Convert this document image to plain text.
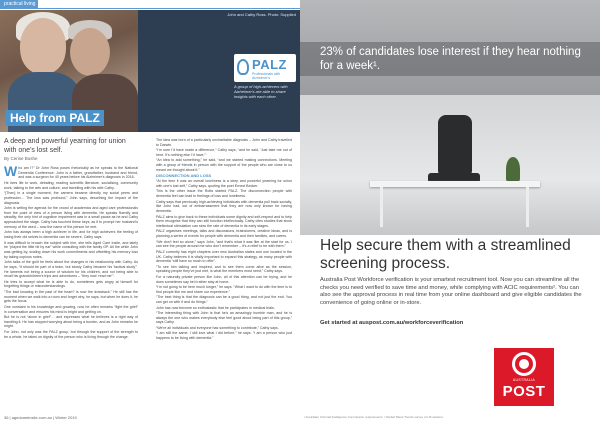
practical living
Help from PALZ
John and Cathy Ross. Photo: Supplied
PALZ
Professionals with Alzheimer's
A group of high-achievers with Alzheimer's are able to share insights with each other.
A deep and powerful yearning for union with one's lost self.
By Cerise Bushe

Who am I?” Dr John Ross poses rhetorically as he speaks to the National Dementia Conference. John is a father, grandfather, husband and friend, and was a surgeon for 40 years before his Alzheimer's diagnosis in 2016.

He lives life to work, debating, reading scientific literature, socialising, community work, talking to the arts and culture, and travelling with his wife Cathy.

“[Then] in a single moment, the camera became directly my social peers and profession… The loss was profound,” John says, describing the impact of the diagnosis.

John is writing the agenda for the crowd of academics and aged care professionals from the point of view of a person living with dementia. He speaks fluently and steadily; the only hint of cognitive impairment was in a small pause as he and Cathy approached the stage. Cathy has touched these keys, as if to prompt her husband's memory of the word – now the name of the person he met.

John has always been a high achiever in life, and for high achievers the feeling of losing their old selves to dementia can be severe, Cathy says.

It was difficult to broach the subject with him, she tells Aged Care Insite, and lately he “played the little bit by ear” while consulting with the family GP. All the while John was getting by, scaling down his work commitments and offsetting his memory loss by taking copious notes.

John talks of the guilt he feels about the changes in his relationship with Cathy. As he says, “it should be part of a team, but slowly Cathy became his 'tactical study'”. He laments not being a source of wisdom for his children, and not being able to recall his grandchildren's trips and adventures – “they now ‘read me’”.

He tries to accept what he is able to do, sometimes gets angry at himself for forgetting things or misunderstandings.

“The bad knowing in the past of the heart? is now the drawback.” He still has the moment when we walk into a room and forget why, he says, but when he does it, he gets the focus.

One constant in his knowledge and growing, now he often remarks “fight the grief” in conversation and ensures his mind is bright and getting on.

But he is not “alone in grief”… and expresses what he believes is a right way of handling it. He has stopped worrying about being a burden, and as John remarks he might.

For John, not only was the PALZ group, but through the support of the strength to be a whole, he takes on dignity of the person who is living through the change.

The idea was born of a particularly uncharitable diagnosis – John and Cathy travelled to Darwin.

“I'm sure I'd have made a difference,” Cathy says, “and he said, 'Just take me out of here. It's nothing else I'd have.'”

“An idea to add something,” he said, “and we started making connections. Meeting with a group of friends in person with the support of the people who are close to us meant we thought about it.”

DISCONNECTION AND LOSS

“At the time it was an overall loneliness is a deep and powerful yearning for union with one's lost self,” Cathy says, quoting the poet Ernest Becker.

This is the other issue the Rotts started PALZ. The disconnection people with dementia feel can lead to feelings of loss and loneliness.

Cathy says that previously high-achieving individuals with dementia pull back socially, like John had, out of embarrassment that they are now only known for having dementia.

PALZ aims to give back to these individuals some dignity and self-respect and to help them recognise that they can still function intellectually. Cathy cites studies that show intellectual stimulation can slow the rate of dementia in its early stages.

PALZ organises meetings, talks and discussions, brainstorms, creative ideas, and is planning a series of events for people with dementia and their families, and carers.

“We don't feel so alone,” says John, “and that's what it was like at the start for us. I can see the people around me who don't remember – it's a relief to be with them.”

PALZ currently has eight chapters over new Australian states and one located in the UK. Cathy believes it is vitally important to expand this strategy, as many people with dementia “still have so much to offer”.

“To see him talking and inspired, and to see them come alive as the session, speaking people they've just met, is what the members most need,” Cathy says.

For a naturally private person like John, all of this attention can be trying, and he does sometimes say he'd rather stay at home.

“I'm not going to be here much longer,” he says. “What I want to do with the time is to find people like me and share our experience.”

“The best thing is that the diagnosis can be a good thing, and not just the end. You can get on with it and do things.”

John has now become so enthusiastic that he participates in medical trials.

“The interesting thing with John is that he's an amazingly humble man, and he is always the one who makes everybody else feel good about being part of this group,” says Cathy.

“We're all individuals and everyone has something to contribute,” Cathy says.

“I am still the same. I still love what I did before,” he says. “I am a person who just happens to be living with dementia.”

36 | agedcareinsite.com.au | Winter 2019
23% of candidates lose interest if they hear nothing for a week¹.
Help secure them with a streamlined screening process.
Australia Post Workforce verification is your smartest recruitment tool. Now you can streamline all the checks you need verified to save time and money, while complying with ACIC requirements². You can also see the approval process in real time from your online dashboard and give eligible candidates the convenience of going online or in-store.
Get started at auspost.com.au/workforceverification
AUSTRALIA
POST
¹ Australian Criminal Intelligence Commission requirements. ² Global Talent Trends survey of US workers.
